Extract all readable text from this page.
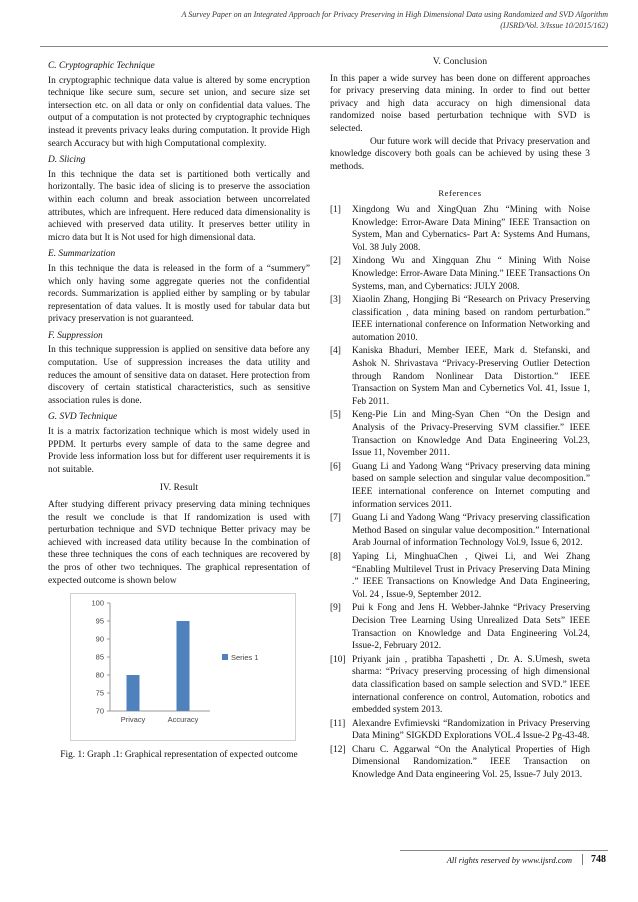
A Survey Paper on an Integrated Approach for Privacy Preserving in High Dimensional Data using Randomized and SVD Algorithm
(IJSRD/Vol. 3/Issue 10/2015/162)
C. Cryptographic Technique

In cryptographic technique data value is altered by some encryption technique like secure sum, secure set union, and secure size set intersection etc. on all data or only on confidential data values. The output of a computation is not protected by cryptographic techniques instead it prevents privacy leaks during computation. It provide High search Accuracy but with high Computational complexity.

D. Slicing

In this technique the data set is partitioned both vertically and horizontally. The basic idea of slicing is to preserve the association within each column and break association between uncorrelated attributes, which are infrequent. Here reduced data dimensionality is achieved with preserved data utility. It preserves better utility in micro data but It is Not used for high dimensional data.

E. Summarization

In this technique the data is released in the form of a “summery” which only having some aggregate queries not the confidential records. Summarization is applied either by sampling or by tabular representation of data values. It is mostly used for tabular data but privacy preservation is not guaranteed.

F. Suppression

In this technique suppression is applied on sensitive data before any computation. Use of suppression increases the data utility and reduces the amount of sensitive data on dataset. Here protection from discovery of certain statistical characteristics, such as sensitive association rules is done.

G. SVD Technique

It is a matrix factorization technique which is most widely used in PPDM. It perturbs every sample of data to the same degree and Provide less information loss but for different user requirements it is not suitable.

IV. Result

After studying different privacy preserving data mining techniques the result we conclude is that If randomization is used with perturbation technique and SVD technique Better privacy may be achieved with increased data utility because In the combination of these three techniques the cons of each techniques are recovered by the pros of other two techniques. The graphical representation of expected outcome is shown below

70
75
80
85
90
95
100
Privacy	Accuracy
Series 1
Fig. 1: Graph .1: Graphical representation of expected outcome
V. Conclusion

In this paper a wide survey has been done on different approaches for privacy preserving data mining. In order to find out better privacy and high data accuracy on high dimensional data randomized noise based perturbation technique with SVD is selected.

Our future work will decide that Privacy preservation and knowledge discovery both goals can be achieved by using these 3 methods.

References
[1]	Xingdong Wu and XingQuan Zhu “Mining with Noise Knowledge: Error-Aware Data Mining” IEEE Transaction on System, Man and Cybernatics- Part A: Systems And Humans, Vol. 38 July 2008.
[2]	Xindong Wu and Xingquan Zhu “ Mining With Noise Knowledge: Error-Aware Data Mining.” IEEE Transactions On Systems, man, and Cybernatics: JULY 2008.
[3]	Xiaolin Zhang, Hongjing Bi “Research on Privacy Preserving classification , data mining based on random perturbation.” IEEE international conference on Information Networking and automation 2010.
[4]	Kaniska Bhaduri, Member IEEE, Mark d. Stefanski, and Ashok N. Shrivastava “Privacy-Preserving Outlier Detection through Random Nonlinear Data Distortion.” IEEE Transaction on System Man and Cybernetics Vol. 41, Issue 1, Feb 2011.
[5]	Keng-Pie Lin and Ming-Syan Chen “On the Design and Analysis of the Privacy-Preserving SVM classifier.” IEEE Transaction on Knowledge And Data Engineering Vol.23, Issue 11, November 2011.
[6]	Guang Li and Yadong Wang “Privacy preserving data mining based on sample selection and singular value decomposition.” IEEE international conference on Internet computing and information services 2011.
[7]	Guang Li and Yadong Wang “Privacy preserving classification Method Based on singular value decomposition.” International Arab Journal of information Technology Vol.9, Issue 6, 2012.
[8]	Yaping Li, MinghuaChen , Qiwei Li, and Wei Zhang “Enabling Multilevel Trust in Privacy Preserving Data Mining .” IEEE Transactions on Knowledge And Data Engineering, Vol. 24 , Issue-9, September 2012.
[9]	Pui k Fong and Jens H. Webber-Jahnke “Privacy Preserving Decision Tree Learning Using Unrealized Data Sets” IEEE Transaction on Knowledge and Data Engineering Vol.24, Issue-2, February 2012.
[10] Priyank jain , pratibha Tapashetti , Dr. A. S.Umesh, sweta sharma: “Privacy preserving processing of high dimensional data classification based on sample selection and SVD.” IEEE international conference on control, Automation, robotics and embedded system 2013.
[11] Alexandre Evfimievski “Randomization in Privacy Preserving Data Mining” SIGKDD Explorations VOL.4 Issue-2 Pg-43-48.
[12] Charu C. Aggarwal “On the Analytical Properties of High Dimensional Randomization.” IEEE Transaction on Knowledge And Data engineering Vol. 25, Issue-7 July 2013.
All rights reserved by www.ijsrd.com	748
